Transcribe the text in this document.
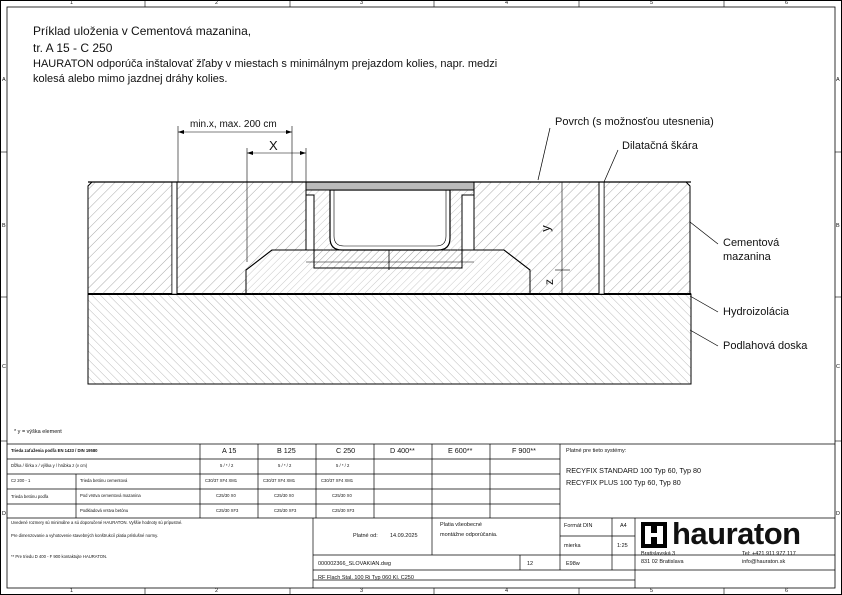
1	2	3	4	5	6
1	2	3	4	5	6
A
B
C
D
A
B
C
D
Príklad uloženia v Cementová mazanina,
tr. A 15 - C 250
HAURATON odporúča inštalovať žľaby v miestach s minimálnym prejazdom kolies, napr. medzi
kolesá alebo mimo jazdnej dráhy kolies.
min.x, max. 200 cm
X
y
z
Povrch (s možnosťou utesnenia)
Dilatačná škára
Cementová
mazanina
Hydroizolácia
Podlahová doska
* y = výška element
Trieda zaťaženia podľa EN 1433 / DIN 19580	A 15	B 125	C 250	D 400**	E 600**	F 900**	Platné pre tieto systémy:
RECYFIX STANDARD 100 Typ 60, Typ 80
RECYFIX PLUS 100 Typ 60, Typ 80
Dĺžka / šírka x / výška y / hrúbka z (v cm)	5 / * / 2	5 / * / 2	5 / * / 2
Cz 200 - 1
Trieda betónu podľa
Trieda betónu cementová	C30/37 XF4 XM1	C30/37 XF4 XM1	C30/37 XF4 XM1
Pod vrstva cementová mazanina	C25/30 X0	C25/30 X0	C25/30 X0
Podkladová vrstva betónu	C25/30 XF3	C25/30 XF3	C25/30 XF3
Uvedené rozmery sú minimálne a sú doporučené HAURATON. Vyššie hodnoty sú prípustné.
Pre dimenzovanie a vyhotovenie stavebných konštrukcií platia príslušné normy.
** Pre triedu D 400 - F 900 kontaktujte HAURATON.
Platné od: 14.09.2025
Platia všeobecné
montážne odporúčania.
Formát DIN	A4
mierka	1:25
000002366_SLOVAKIAN.dwg	12	E98w
RF Flach Stal. 100 Ri Typ 060 Kl. C250
hauraton
Bratislavská 3
831 02 Bratislava
Tel: +421 911 977 117
info@hauraton.sk
